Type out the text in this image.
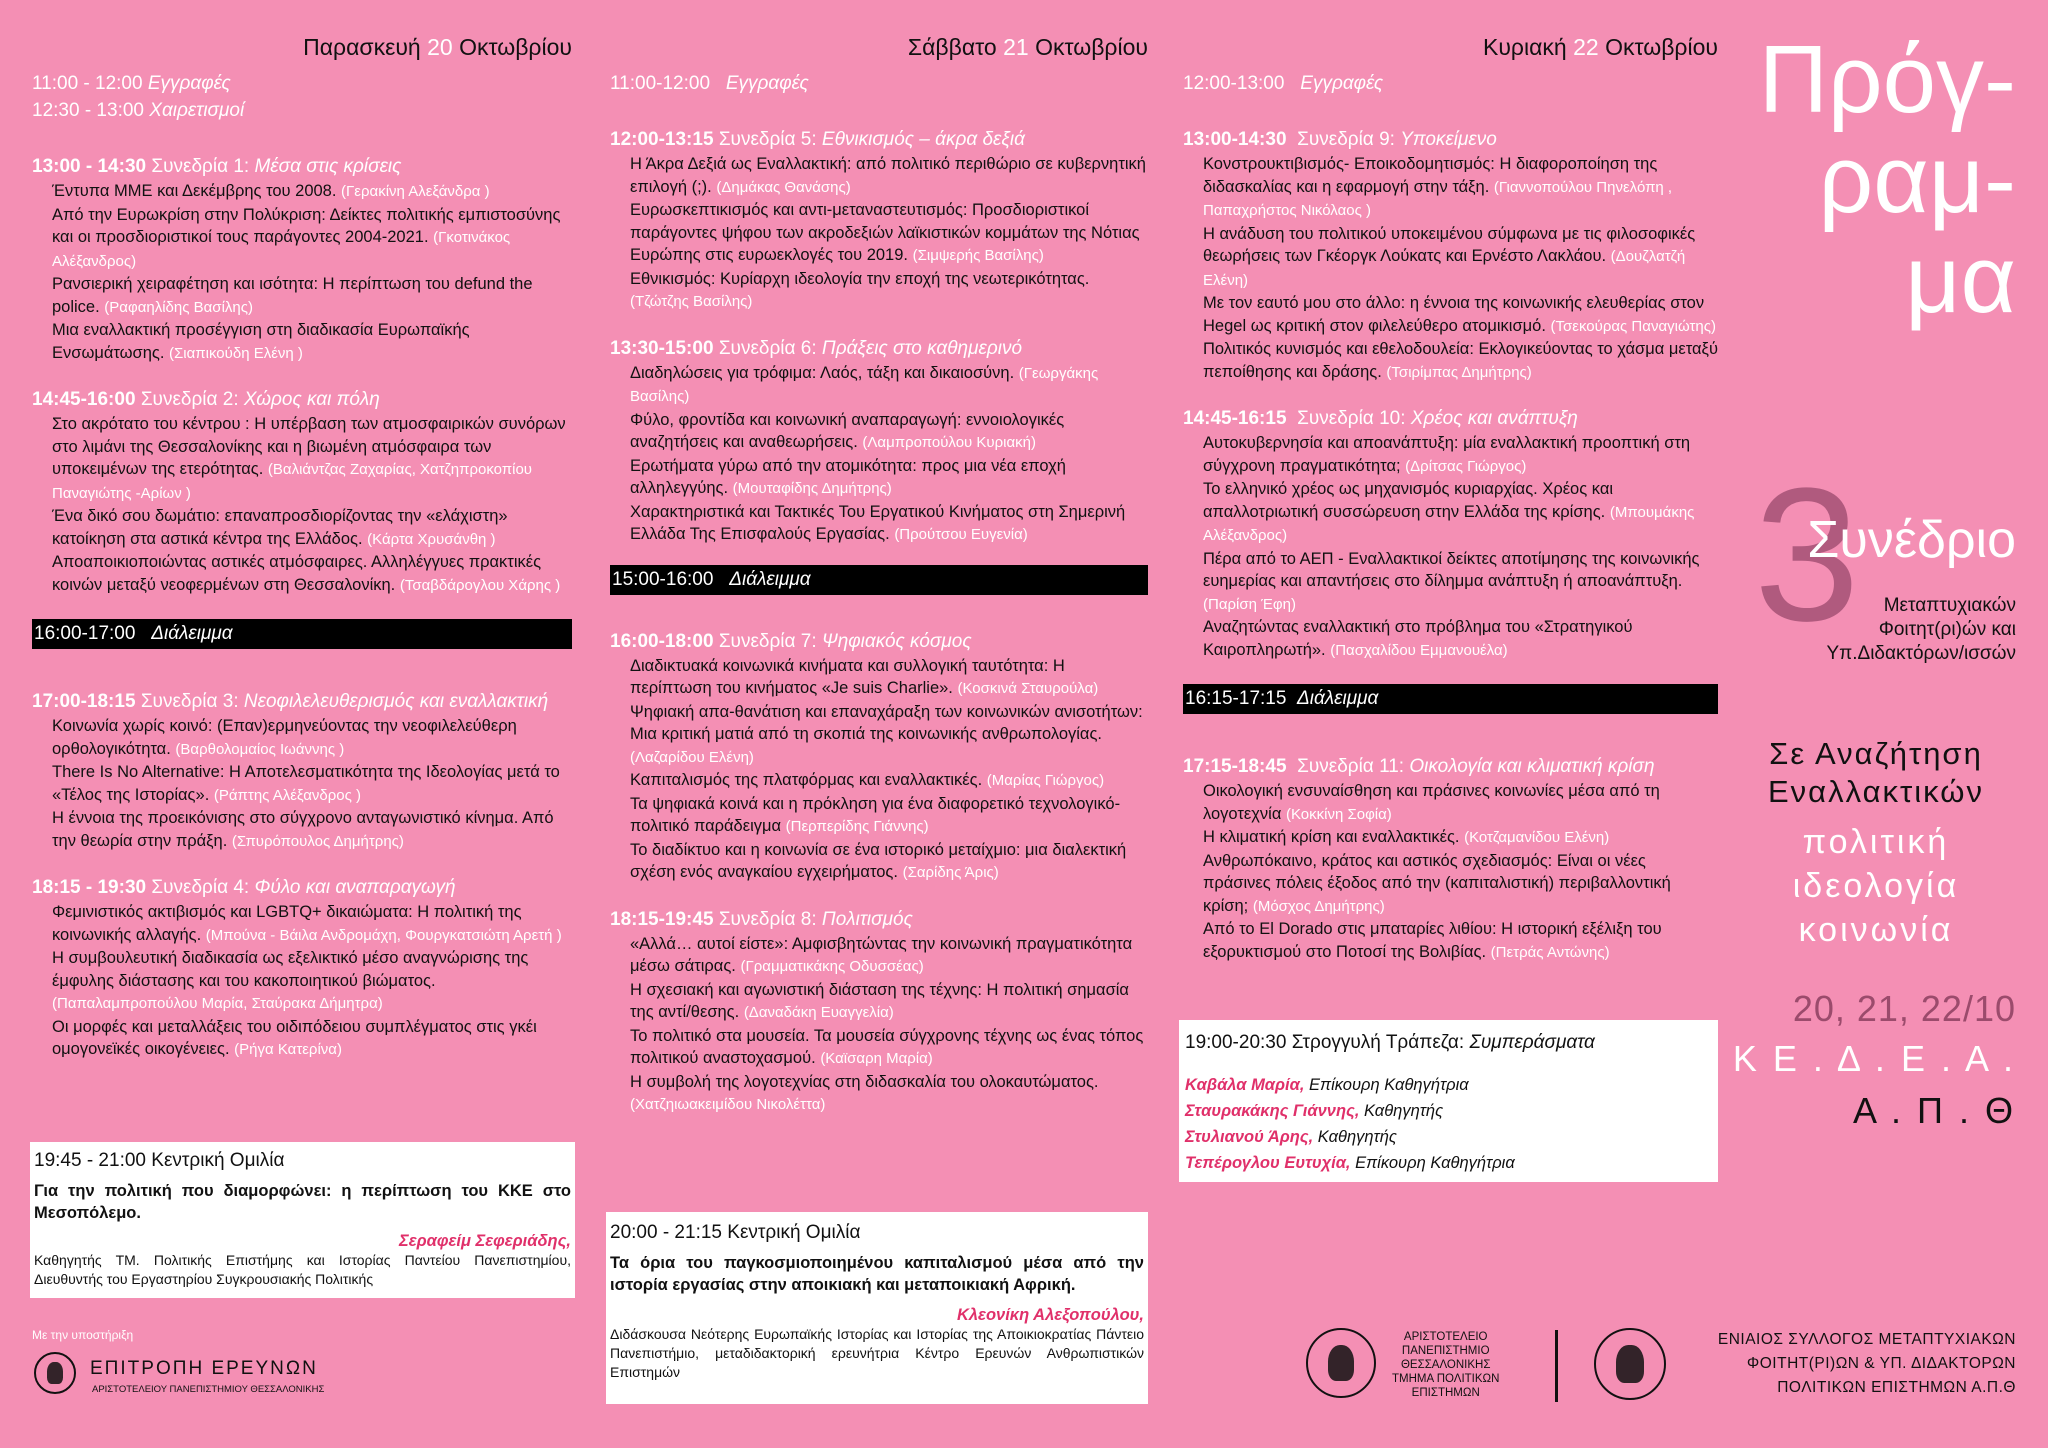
Παρασκευή 20 Οκτωβρίου
11:00 - 12:00 Εγγραφές
12:30 - 13:00 Χαιρετισμοί
13:00 - 14:30 Συνεδρία 1: Μέσα στις κρίσεις
Έντυπα ΜΜΕ και Δεκέμβρης του 2008. (Γερακίνη Αλεξάνδρα )
Από την Ευρωκρίση στην Πολύκριση: Δείκτες πολιτικής εμπιστοσύνης και οι προσδιοριστικοί τους παράγοντες 2004-2021. (Γκοτινάκος Αλέξανδρος)
Ρανσιερική χειραφέτηση και ισότητα: Η περίπτωση του defund the police. (Ραφαηλίδης Βασίλης)
Μια εναλλακτική προσέγγιση στη διαδικασία Ευρωπαϊκής Ενσωμάτωσης. (Σιαπικούδη Ελένη )
14:45-16:00 Συνεδρία 2: Χώρος και πόλη
Στο ακρότατο του κέντρου : Η υπέρβαση των ατμοσφαιρικών συνόρων στο λιμάνι της Θεσσαλονίκης και η βιωμένη ατμόσφαιρα των υποκειμένων της ετερότητας. (Βαλιάντζας Ζαχαρίας, Χατζηπροκοπίου Παναγιώτης -Αρίων )
Ένα δικό σου δωμάτιο: επαναπροσδιορίζοντας την «ελάχιστη» κατοίκηση στα αστικά κέντρα της Ελλάδος. (Κάρτα Χρυσάνθη )
Αποαποικιοποιώντας αστικές ατμόσφαιρες. Αλληλέγγυες πρακτικές κοινών μεταξύ νεοφερμένων στη Θεσσαλονίκη. (Τσαβδάρογλου Χάρης )
16:00-17:00 Διάλειμμα
17:00-18:15 Συνεδρία 3: Νεοφιλελευθερισμός και εναλλακτική
Κοινωνία χωρίς κοινό: (Επαν)ερμηνεύοντας την νεοφιλελεύθερη ορθολογικότητα. (Βαρθολομαίος Ιωάννης )
There Is No Alternative: Η Αποτελεσματικότητα της Ιδεολογίας μετά το «Τέλος της Ιστορίας». (Ράπτης Αλέξανδρος )
Η έννοια της προεικόνισης στο σύγχρονο ανταγωνιστικό κίνημα. Από την θεωρία στην πράξη. (Σπυρόπουλος Δημήτρης)
18:15 - 19:30 Συνεδρία 4: Φύλο και αναπαραγωγή
Φεμινιστικός ακτιβισμός και LGBTQ+ δικαιώματα: Η πολιτική της κοινωνικής αλλαγής. (Μπούνα - Βάιλα Ανδρομάχη, Φουργκατσιώτη Αρετή )
Η συμβουλευτική διαδικασία ως εξελικτικό μέσο αναγνώρισης της έμφυλης διάστασης και του κακοποιητικού βιώματος. (Παπαλαμπροπούλου Μαρία, Σταύρακα Δήμητρα)
Οι μορφές και μεταλλάξεις του οιδιπόδειου συμπλέγματος στις γκέι ομογονεϊκές οικογένειες. (Ρήγα Κατερίνα)
19:45 - 21:00 Κεντρική Ομιλία
Για την πολιτική που διαμορφώνει: η περίπτωση του ΚΚΕ στο Μεσοπόλεμο.
Σεραφείμ Σεφεριάδης,
Καθηγητής ΤΜ. Πολιτικής Επιστήμης και Ιστορίας Παντείου Πανεπιστημίου, Διευθυντής του Εργαστηρίου Συγκρουσιακής Πολιτικής
Με την υποστήριξη
ΕΠΙΤΡΟΠΗ ΕΡΕΥΝΩΝ
ΑΡΙΣΤΟΤΕΛΕΙΟΥ ΠΑΝΕΠΙΣΤΗΜΙΟΥ ΘΕΣΣΑΛΟΝΙΚΗΣ
Σάββατο 21 Οκτωβρίου
11:00-12:00 Εγγραφές
12:00-13:15 Συνεδρία 5: Εθνικισμός – άκρα δεξιά
Η Άκρα Δεξιά ως Εναλλακτική: από πολιτικό περιθώριο σε κυβερνητική επιλογή (;). (Δημάκας Θανάσης)
Ευρωσκεπτικισμός και αντι-μεταναστευτισμός: Προσδιοριστικοί παράγοντες ψήφου των ακροδεξιών λαϊκιστικών κομμάτων της Νότιας Ευρώπης στις ευρωεκλογές του 2019. (Σιμψερής Βασίλης)
Εθνικισμός: Κυρίαρχη ιδεολογία την εποχή της νεωτερικότητας. (Τζώτζης Βασίλης)
13:30-15:00 Συνεδρία 6: Πράξεις στο καθημερινό
Διαδηλώσεις για τρόφιμα: Λαός, τάξη και δικαιοσύνη. (Γεωργάκης Βασίλης)
Φύλο, φροντίδα και κοινωνική αναπαραγωγή: εννοιολογικές αναζητήσεις και αναθεωρήσεις. (Λαμπροπούλου Κυριακή)
Ερωτήματα γύρω από την ατομικότητα: προς μια νέα εποχή αλληλεγγύης. (Μουταφίδης Δημήτρης)
Χαρακτηριστικά και Τακτικές Του Εργατικού Κινήματος στη Σημερινή Ελλάδα Της Επισφαλούς Εργασίας. (Προύτσου Ευγενία)
15:00-16:00 Διάλειμμα
16:00-18:00 Συνεδρία 7: Ψηφιακός κόσμος
Διαδικτυακά κοινωνικά κινήματα και συλλογική ταυτότητα: Η περίπτωση του κινήματος «Je suis Charlie». (Κοσκινά Σταυρούλα)
Ψηφιακή απα-θανάτιση και επαναχάραξη των κοινωνικών ανισοτήτων: Μια κριτική ματιά από τη σκοπιά της κοινωνικής ανθρωπολογίας. (Λαζαρίδου Ελένη)
Καπιταλισμός της πλατφόρμας και εναλλακτικές. (Μαρίας Γιώργος)
Τα ψηφιακά κοινά και η πρόκληση για ένα διαφορετικό τεχνολογικό-πολιτικό παράδειγμα (Περπερίδης Γιάννης)
Το διαδίκτυο και η κοινωνία σε ένα ιστορικό μεταίχμιο: μια διαλεκτική σχέση ενός αναγκαίου εγχειρήματος. (Σαρίδης Άρις)
18:15-19:45 Συνεδρία 8: Πολιτισμός
«Αλλά… αυτοί είστε»: Αμφισβητώντας την κοινωνική πραγματικότητα μέσω σάτιρας. (Γραμματικάκης Οδυσσέας)
Η σχεσιακή και αγωνιστική διάσταση της τέχνης: Η πολιτική σημασία της αντί/θεσης. (Δαναδάκη Ευαγγελία)
Το πολιτικό στα μουσεία. Τα μουσεία σύγχρονης τέχνης ως ένας τόπος πολιτικού αναστοχασμού. (Καϊσαρη Μαρία)
Η συμβολή της λογοτεχνίας στη διδασκαλία του ολοκαυτώματος. (Χατζηιωακειμίδου Νικολέττα)
20:00 - 21:15 Κεντρική Ομιλία
Τα όρια του παγκοσμιοποιημένου καπιταλισμού μέσα από την ιστορία εργασίας στην αποικιακή και μεταποικιακή Αφρική.
Κλεονίκη Αλεξοπούλου,
Διδάσκουσα Νεότερης Ευρωπαϊκής Ιστορίας και Ιστορίας της Αποικιοκρατίας Πάντειο Πανεπιστήμιο, μεταδιδακτορική ερευνήτρια Κέντρο Ερευνών Ανθρωπιστικών Επιστημών
Κυριακή 22 Οκτωβρίου
12:00-13:00 Εγγραφές
13:00-14:30 Συνεδρία 9: Υποκείμενο
Κονστρουκτιβισμός- Εποικοδομητισμός: Η διαφοροποίηση της διδασκαλίας και η εφαρμογή στην τάξη. (Γιαννοπούλου Πηνελόπη , Παπαχρήστος Νικόλαος )
Η ανάδυση του πολιτικού υποκειμένου σύμφωνα με τις φιλοσοφικές θεωρήσεις των Γκέοργκ Λούκατς και Ερνέστο Λακλάου. (Δουζλατζή Ελένη)
Με τον εαυτό μου στο άλλο: η έννοια της κοινωνικής ελευθερίας στον Hegel ως κριτική στον φιλελεύθερο ατομικισμό. (Τσεκούρας Παναγιώτης)
Πολιτικός κυνισμός και εθελοδουλεία: Εκλογικεύοντας το χάσμα μεταξύ πεποίθησης και δράσης. (Τσιρίμπας Δημήτρης)
14:45-16:15 Συνεδρία 10: Χρέος και ανάπτυξη
Αυτοκυβερνησία και αποανάπτυξη: μία εναλλακτική προοπτική στη σύγχρονη πραγματικότητα; (Δρίτσας Γιώργος)
Το ελληνικό χρέος ως μηχανισμός κυριαρχίας. Χρέος και απαλλοτριωτική συσσώρευση στην Ελλάδα της κρίσης. (Μπουμάκης Αλέξανδρος)
Πέρα από το ΑΕΠ - Εναλλακτικοί δείκτες αποτίμησης της κοινωνικής ευημερίας και απαντήσεις στο δίλημμα ανάπτυξη ή αποανάπτυξη. (Παρίση Έφη)
Αναζητώντας εναλλακτική στο πρόβλημα του «Στρατηγικού Καιροπληρωτή». (Πασχαλίδου Εμμανουέλα)
16:15-17:15 Διάλειμμα
17:15-18:45 Συνεδρία 11: Οικολογία και κλιματική κρίση
Οικολογική ενσυναίσθηση και πράσινες κοινωνίες μέσα από τη λογοτεχνία (Κοκκίνη Σοφία)
Η κλιματική κρίση και εναλλακτικές. (Κοτζαμανίδου Ελένη)
Ανθρωπόκαινο, κράτος και αστικός σχεδιασμός: Είναι οι νέες πράσινες πόλεις έξοδος από την (καπιταλιστική) περιβαλλοντική κρίση; (Μόσχος Δημήτρης)
Από το El Dorado στις μπαταρίες λιθίου: Η ιστορική εξέλιξη του εξορυκτισμού στο Ποτοσί της Βολιβίας. (Πετράς Αντώνης)
19:00-20:30 Στρογγυλή Τράπεζα: Συμπεράσματα
Καβάλα Μαρία, Επίκουρη Καθηγήτρια
Σταυρακάκης Γιάννης, Καθηγητής
Στυλιανού Άρης, Καθηγητής
Τεπέρογλου Ευτυχία, Επίκουρη Καθηγήτρια
Πρόγ-
ραμ-
μα
3
Συνέδριο
Μεταπτυχιακών
Φοιτητ(ρι)ών και
Υπ.Διδακτόρων/ισσών
Σε Αναζήτηση
Εναλλακτικών
πολιτική
ιδεολογία
κοινωνία
20, 21, 22/10
Κ Ε . Δ . Ε . Α .
Α . Π . Θ
ΑΡΙΣΤΟΤΕΛΕΙΟ
ΠΑΝΕΠΙΣΤΗΜΙΟ
ΘΕΣΣΑΛΟΝΙΚΗΣ
ΤΜΗΜΑ ΠΟΛΙΤΙΚΩΝ
ΕΠΙΣΤΗΜΩΝ
ΕΝΙΑΙΟΣ ΣΥΛΛΟΓΟΣ ΜΕΤΑΠΤΥΧΙΑΚΩΝ
ΦΟΙΤΗΤ(ΡΙ)ΩΝ & ΥΠ. ΔΙΔΑΚΤΟΡΩΝ
ΠΟΛΙΤΙΚΩΝ ΕΠΙΣΤΗΜΩΝ Α.Π.Θ
